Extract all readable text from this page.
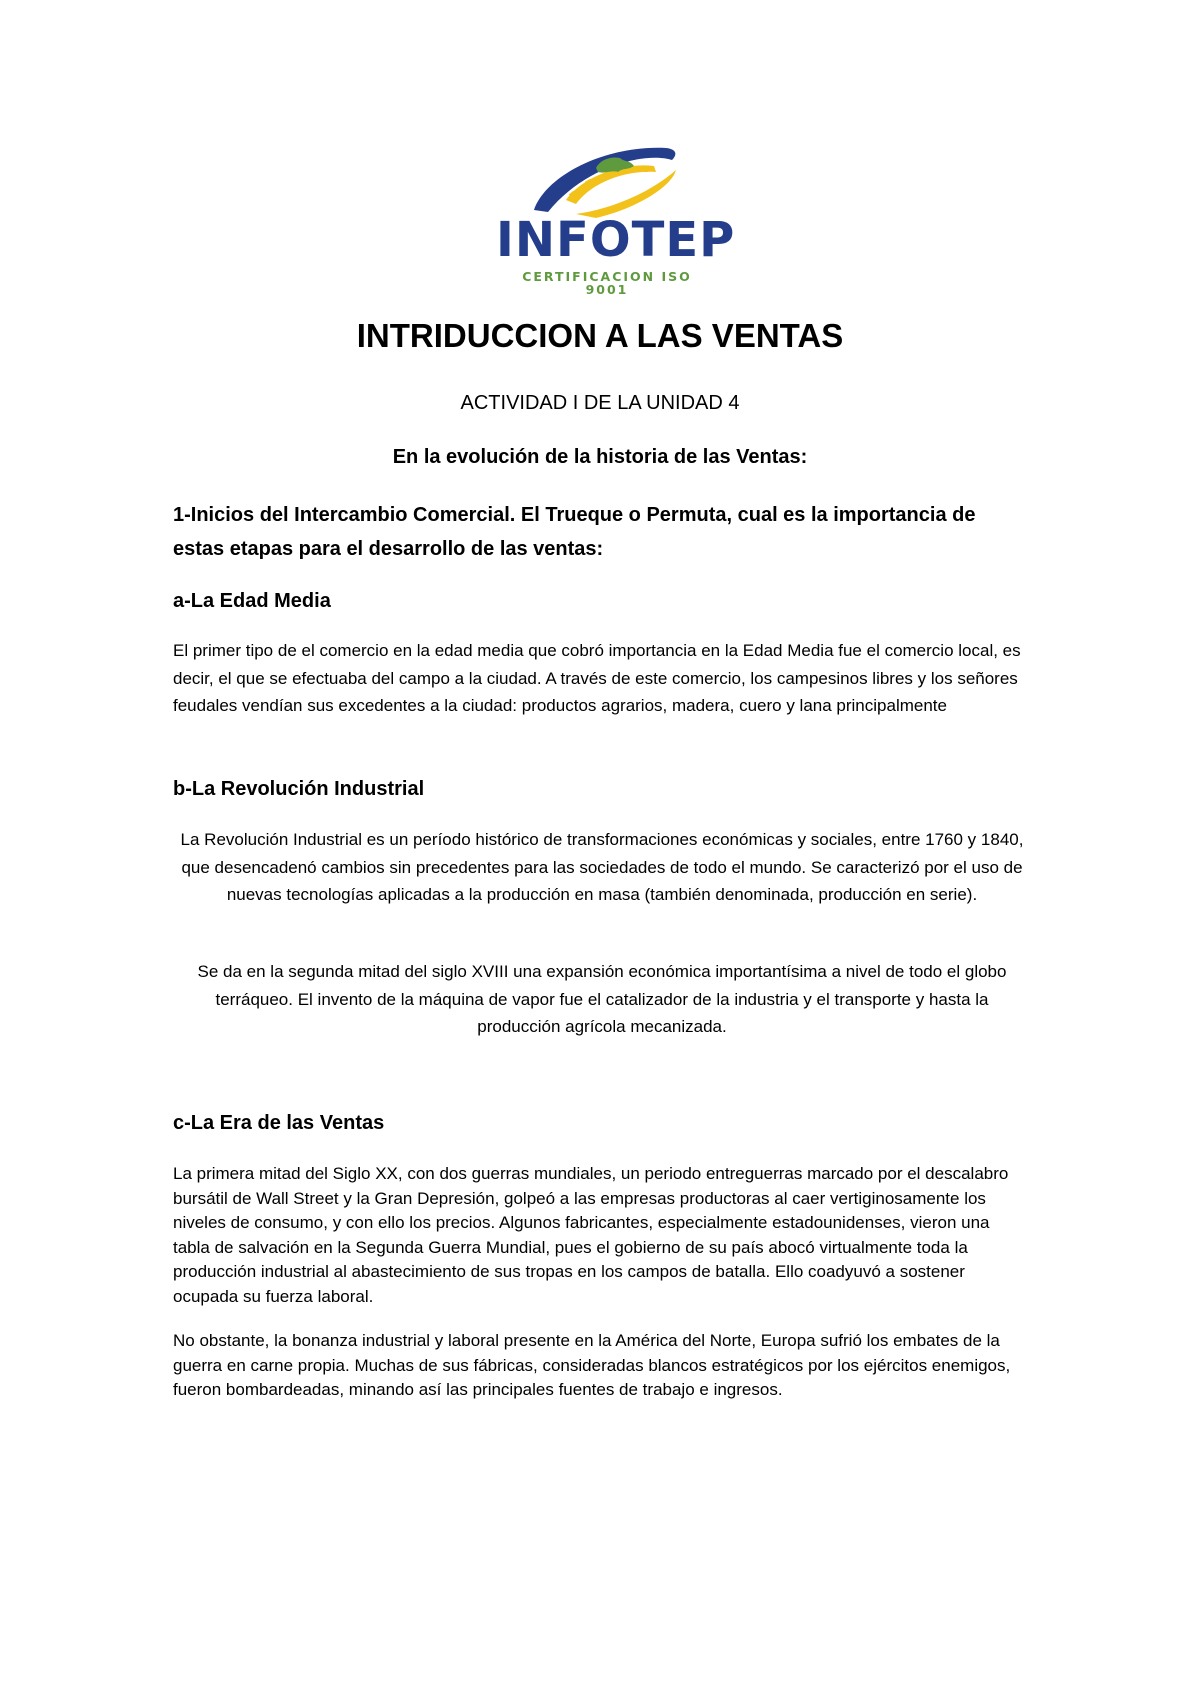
INFOTEP
CERTIFICACION ISO 9001
INTRIDUCCION A LAS VENTAS
ACTIVIDAD I DE LA UNIDAD 4
En la evolución de la historia de las Ventas:
1-Inicios del Intercambio Comercial. El Trueque o Permuta, cual es la importancia de estas etapas para el desarrollo de las ventas:
a-La Edad Media

El primer tipo de el comercio en la edad media que cobró importancia en la Edad Media fue el comercio local, es decir, el que se efectuaba del campo a la ciudad. A través de este comercio, los campesinos libres y los señores feudales vendían sus excedentes a la ciudad: productos agrarios, madera, cuero y lana principalmente

b-La Revolución Industrial

La Revolución Industrial es un período histórico de transformaciones económicas y sociales, entre 1760 y 1840, que desencadenó cambios sin precedentes para las sociedades de todo el mundo. Se caracterizó por el uso de nuevas tecnologías aplicadas a la producción en masa (también denominada, producción en serie).

Se da en la segunda mitad del siglo XVIII una expansión económica importantísima a nivel de todo el globo terráqueo. El invento de la máquina de vapor fue el catalizador de la industria y el transporte y hasta la producción agrícola mecanizada.

c-La Era de las Ventas

La primera mitad del Siglo XX, con dos guerras mundiales, un periodo entreguerras marcado por el descalabro bursátil de Wall Street y la Gran Depresión, golpeó a las empresas productoras al caer vertiginosamente los niveles de consumo, y con ello los precios. Algunos fabricantes, especialmente estadounidenses, vieron una tabla de salvación en la Segunda Guerra Mundial, pues el gobierno de su país abocó virtualmente toda la producción industrial al abastecimiento de sus tropas en los campos de batalla. Ello coadyuvó a sostener ocupada su fuerza laboral.

No obstante, la bonanza industrial y laboral presente en la América del Norte, Europa sufrió los embates de la guerra en carne propia. Muchas de sus fábricas, consideradas blancos estratégicos por los ejércitos enemigos, fueron bombardeadas, minando así las principales fuentes de trabajo e ingresos.
